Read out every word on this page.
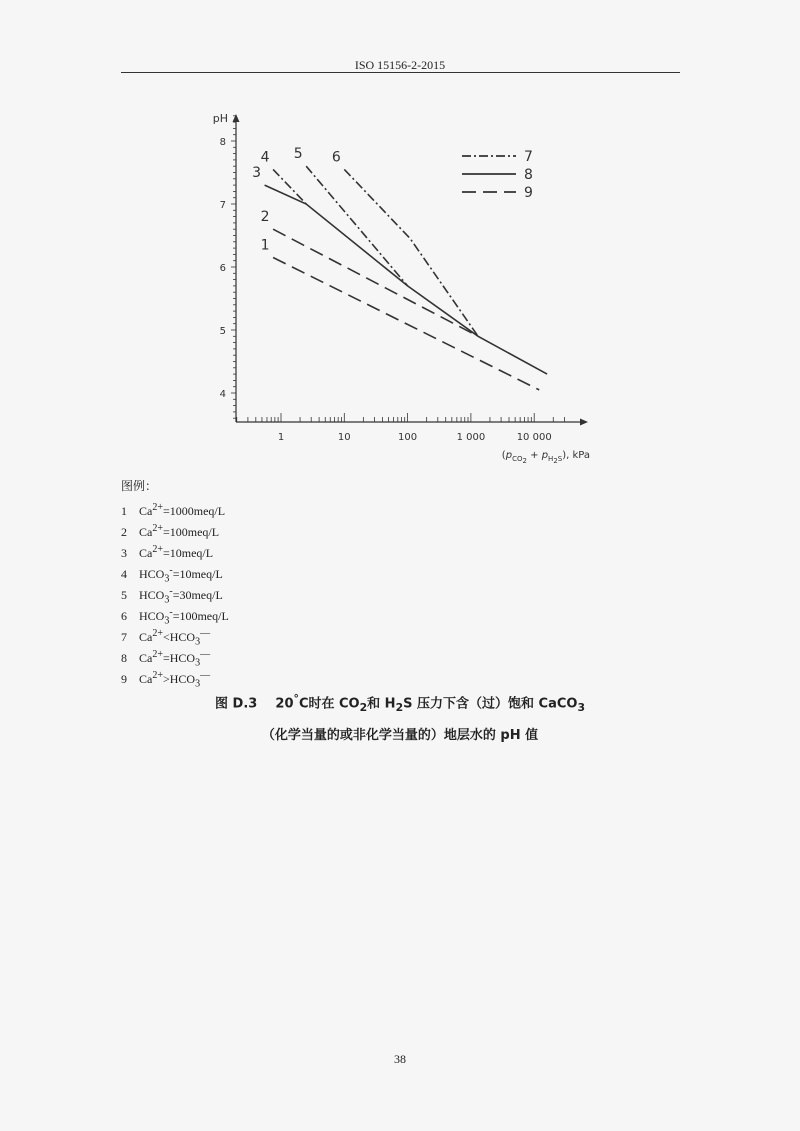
ISO 15156-2-2015
pH
4
5
6
7
8
1	10	100	1 000	10 000
$(p_{CO2} + p_{H2}^S)$, kPa
1
2
3
4 5 6	7
8
9
图例：
1 $Ca^{2+}=1000meq/L$
2 $Ca^{2+}=100meq/L$
3 $Ca^{2+}=10meq/L$
4 $HCO_3^-=10meq/L$
5 $HCO_3^-=30meq/L$
6 $HCO_3^-=100meq/L$
7 $Ca^{2+}<HCO_3^—$
8 $Ca^{2+}=HCO_3^—$
9 $Ca^{2+}>HCO_3^—$
图 D.3 20°C时在 $CO_2$和 $H_2S$ 压力下含（过）饱和 CaCO$_3$
（化学当量的或非化学当量的）地层水的 pH 值
38
